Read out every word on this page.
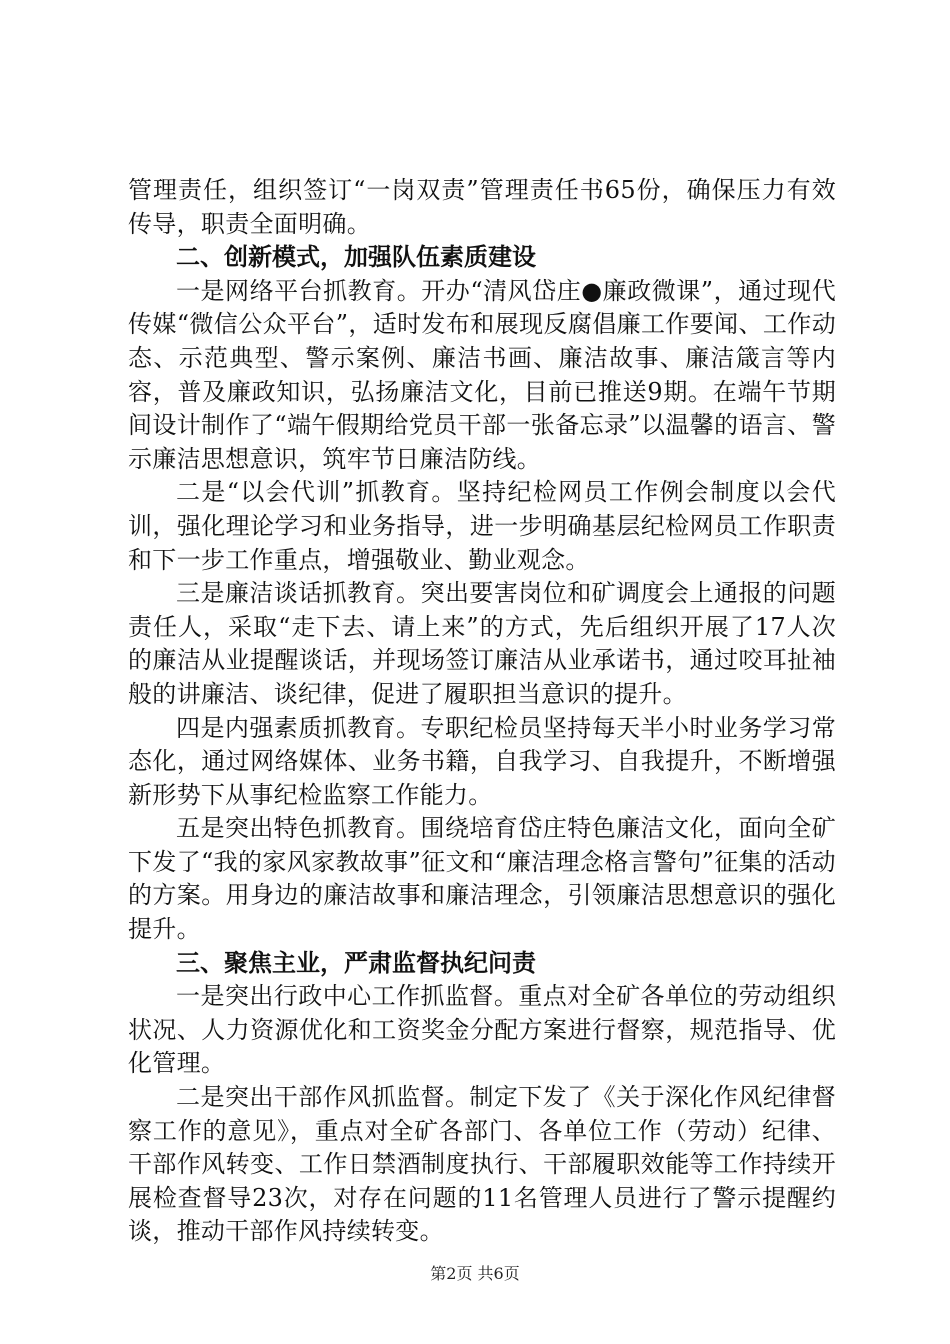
管理责任，组织签订“一岗双责”管理责任书65份，确保压力有效传导，职责全面明确。

二、创新模式，加强队伍素质建设

一是网络平台抓教育。开办“清风岱庄●廉政微课”，通过现代传媒“微信公众平台”，适时发布和展现反腐倡廉工作要闻、工作动态、示范典型、警示案例、廉洁书画、廉洁故事、廉洁箴言等内容，普及廉政知识，弘扬廉洁文化，目前已推送9期。在端午节期间设计制作了“端午假期给党员干部一张备忘录”以温馨的语言、警示廉洁思想意识，筑牢节日廉洁防线。

二是“以会代训”抓教育。坚持纪检网员工作例会制度以会代训，强化理论学习和业务指导，进一步明确基层纪检网员工作职责和下一步工作重点，增强敬业、勤业观念。

三是廉洁谈话抓教育。突出要害岗位和矿调度会上通报的问题责任人，采取“走下去、请上来”的方式，先后组织开展了17人次的廉洁从业提醒谈话，并现场签订廉洁从业承诺书，通过咬耳扯袖般的讲廉洁、谈纪律，促进了履职担当意识的提升。

四是内强素质抓教育。专职纪检员坚持每天半小时业务学习常态化，通过网络媒体、业务书籍，自我学习、自我提升，不断增强新形势下从事纪检监察工作能力。

五是突出特色抓教育。围绕培育岱庄特色廉洁文化，面向全矿下发了“我的家风家教故事”征文和“廉洁理念格言警句”征集的活动的方案。用身边的廉洁故事和廉洁理念，引领廉洁思想意识的强化提升。

三、聚焦主业，严肃监督执纪问责

一是突出行政中心工作抓监督。重点对全矿各单位的劳动组织状况、人力资源优化和工资奖金分配方案进行督察，规范指导、优化管理。

二是突出干部作风抓监督。制定下发了《关于深化作风纪律督察工作的意见》，重点对全矿各部门、各单位工作（劳动）纪律、干部作风转变、工作日禁酒制度执行、干部履职效能等工作持续开展检查督导23次，对存在问题的11名管理人员进行了警示提醒约谈，推动干部作风持续转变。

第2页 共6页
